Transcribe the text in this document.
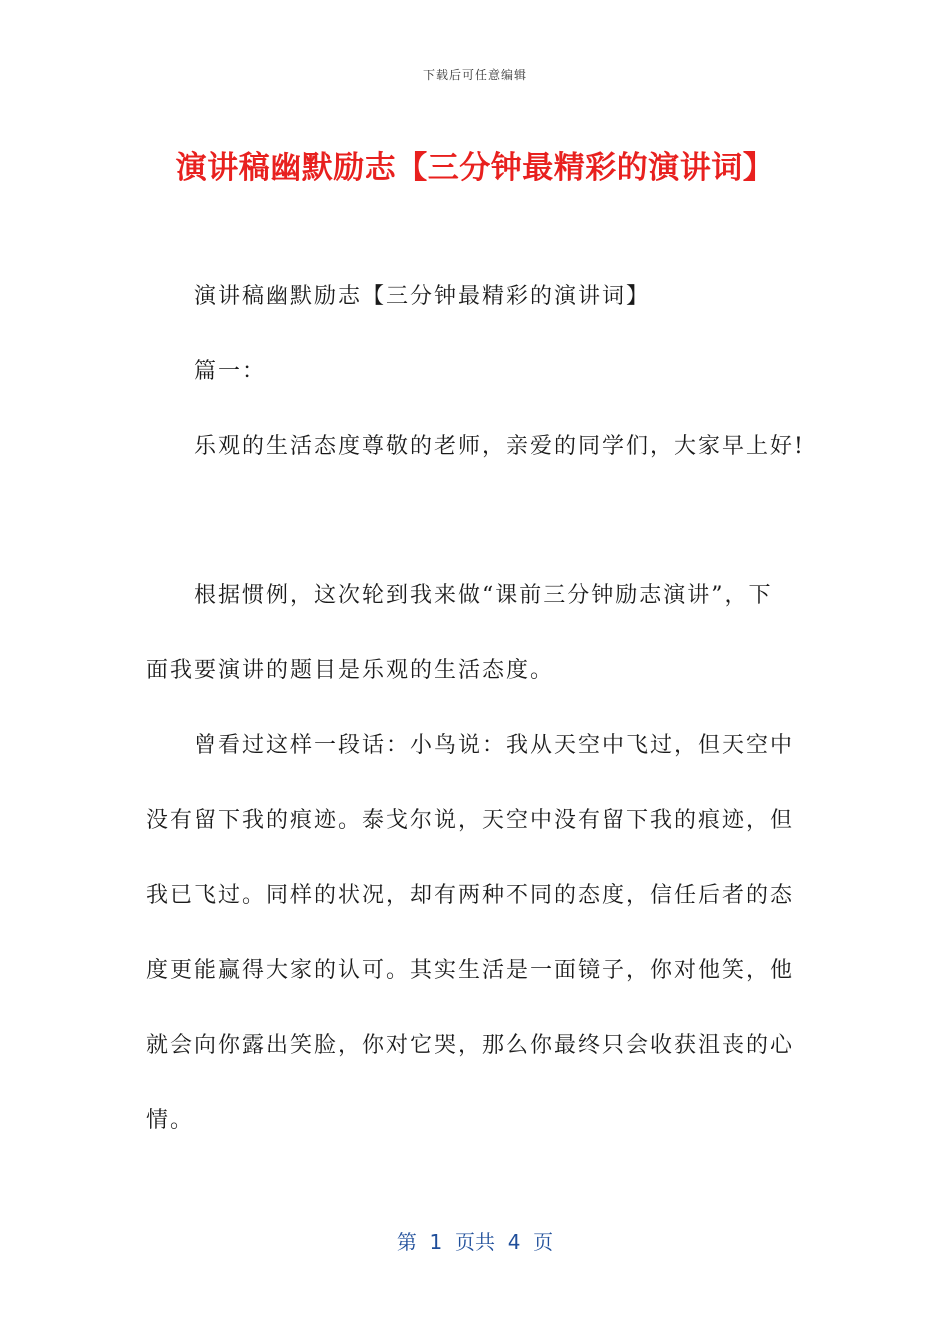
下载后可任意编辑
演讲稿幽默励志【三分钟最精彩的演讲词】
演讲稿幽默励志【三分钟最精彩的演讲词】
篇一：
乐观的生活态度尊敬的老师，亲爱的同学们，大家早上好!
根据惯例，这次轮到我来做“课前三分钟励志演讲”，下
面我要演讲的题目是乐观的生活态度。
曾看过这样一段话：小鸟说：我从天空中飞过，但天空中
没有留下我的痕迹。泰戈尔说，天空中没有留下我的痕迹，但
我已飞过。同样的状况，却有两种不同的态度，信任后者的态
度更能赢得大家的认可。其实生活是一面镜子，你对他笑，他
就会向你露出笑脸，你对它哭，那么你最终只会收获沮丧的心
情。
第  1  页共  4  页
